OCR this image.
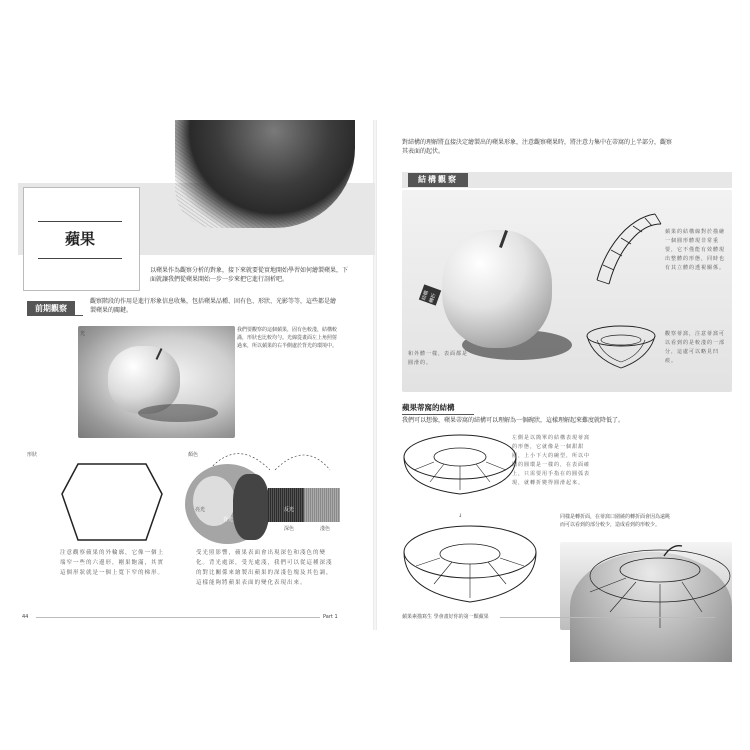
蘋果
以蘋果作為觀察分析的對象，接下來就要從實地開始學習如何繪製蘋果，下面就讓我們從蘋果開始一步一步來把它進行剖析吧。
前期觀察
觀察階段的作用是進行形象信息收集，包括蘋果品種、固有色、形狀、光影等等，這些都是繪製蘋果的關鍵。
光
我們要觀察的這個蘋果，固有色較淺，結構較滿，形狀也比較均勻。光線從畫面左上角照射過來，所以蘋果的右半側處於背光的環境中。
形狀
注意觀察蘋果的外輪廓，它像一個上端窄一些的六邊形，剛果飽滿，其實這個形狀就是一個上寬下窄的梯形。
顏色
亮光
背光
反光
深色	淺色
受光照影響，蘋果表面會出現深色和淺色的變化。背光處深，受光處淺，我們可以從這種深淺的對比關係來繪製出蘋果的深淺色塊及其色調，這樣能夠將蘋果表面的變化表現出來。
44	Part 1
對結構的理解將直接決定繪製出的蘋果形象，注意觀察蘋果時，將注意力集中在蒂窩的上半部分，觀察其表面的起伏。
結構觀察
結構轉折
蘋果的結構線對於描繪一個圓形體現非常重要，它不僅能有效體現出整體的形態，同時也有其立體的透視關係。
觀察蒂窩，注意蒂窩可以看到的是較淺的一部分，這處可以略見凹痕。
和外體一樣，表面都是圓滑的。
蘋果蒂窩的結構
我們可以想像，蘋果蒂窩的結構可以理解為一個碗狀，這樣理解起來難度就降低了。
左側是以簡單的結構表現蒂窩的形態，它就像是一個甜甜圈，上小下大的碗型，所以中間的圓環是一樣的，在表面確上，只需要用手指在的圓弧表現，就轉折變得圓滑起來。
↓	同樣是轉折面，在蒂窩口圍繞的轉折面會因為遠眺而可以看到的部分較少，造成看到的形較少。
蘋果素描寫生 學會畫好你的第一顆蘋果
